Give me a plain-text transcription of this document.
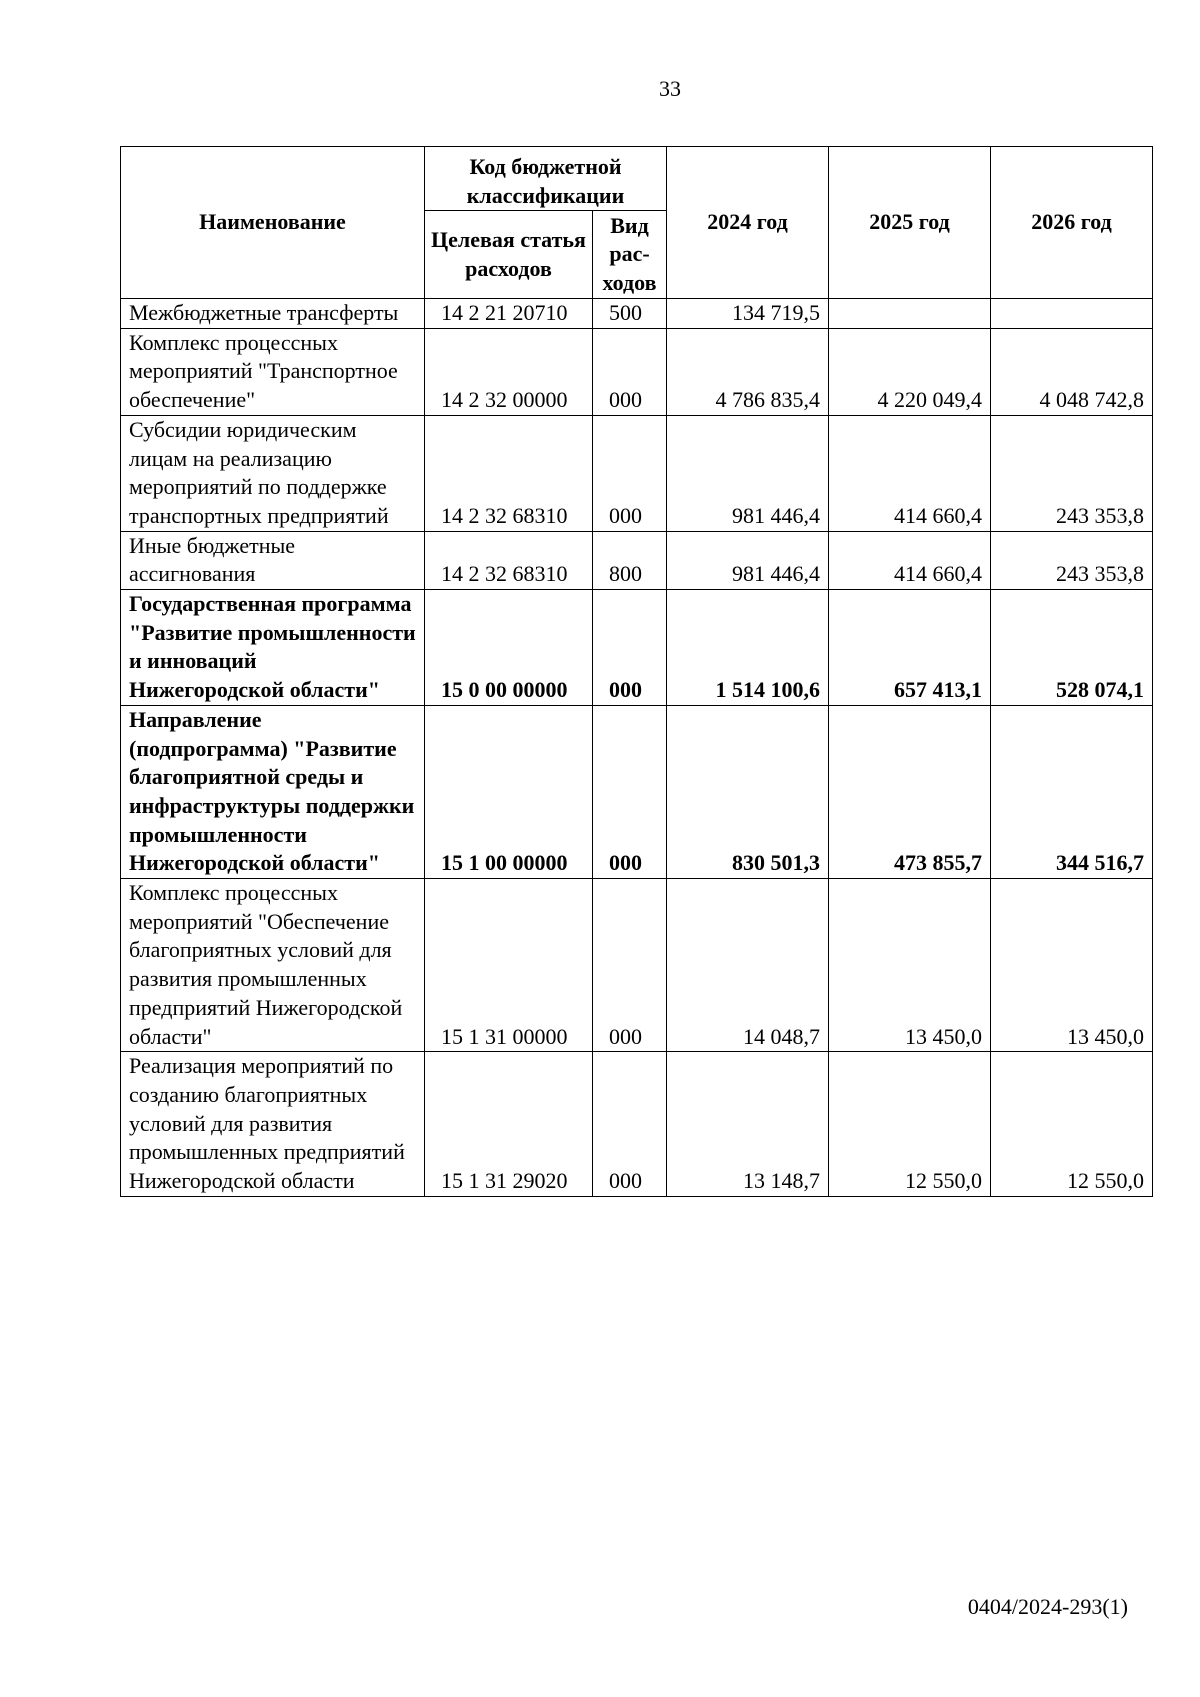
33
Наименование	Код бюджетной классификации		2024 год	2025 год	2026 год
	Целевая статья расходов	Вид рас- ходов			
Межбюджетные трансферты	14 2 21 20710	500	134 719,5		
Комплекс процессных мероприятий "Транспортное обеспечение"	14 2 32 00000	000	4 786 835,4	4 220 049,4	4 048 742,8
Субсидии юридическим лицам на реализацию мероприятий по поддержке транспортных предприятий	14 2 32 68310	000	981 446,4	414 660,4	243 353,8
Иные бюджетные ассигнования	14 2 32 68310	800	981 446,4	414 660,4	243 353,8
Государственная программа "Развитие промышленности и инноваций Нижегородской области"	15 0 00 00000	000	1 514 100,6	657 413,1	528 074,1
Направление (подпрограмма) "Развитие благоприятной среды и инфраструктуры поддержки промышленности Нижегородской области"	15 1 00 00000	000	830 501,3	473 855,7	344 516,7
Комплекс процессных мероприятий "Обеспечение благоприятных условий для развития промышленных предприятий Нижегородской области"	15 1 31 00000	000	14 048,7	13 450,0	13 450,0
Реализация мероприятий по созданию благоприятных условий для развития промышленных предприятий Нижегородской области	15 1 31 29020	000	13 148,7	12 550,0	12 550,0
0404/2024-293(1)
